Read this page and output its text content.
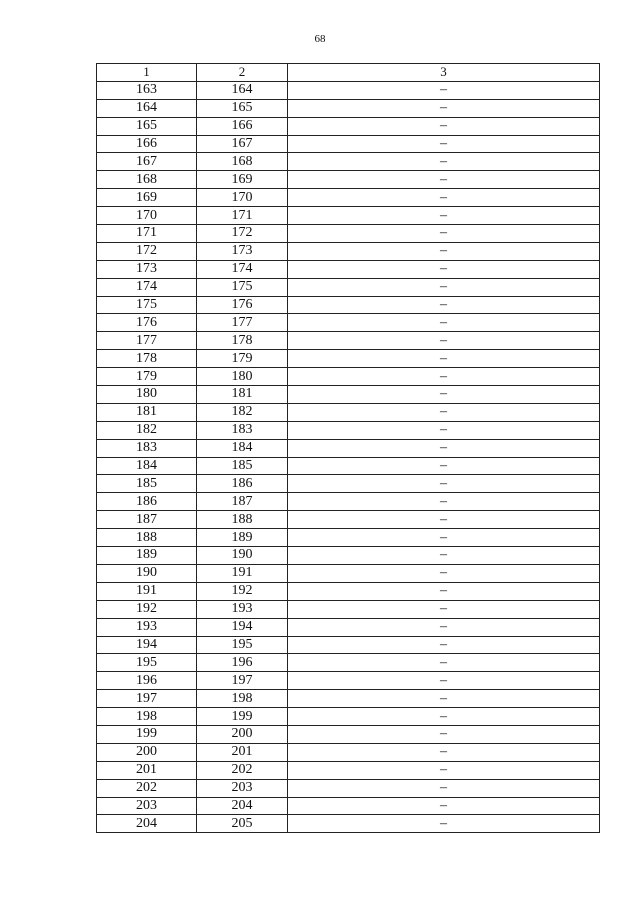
68
1	2	3
163	164	–
164	165	–
165	166	–
166	167	–
167	168	–
168	169	–
169	170	–
170	171	–
171	172	–
172	173	–
173	174	–
174	175	–
175	176	–
176	177	–
177	178	–
178	179	–
179	180	–
180	181	–
181	182	–
182	183	–
183	184	–
184	185	–
185	186	–
186	187	–
187	188	–
188	189	–
189	190	–
190	191	–
191	192	–
192	193	–
193	194	–
194	195	–
195	196	–
196	197	–
197	198	–
198	199	–
199	200	–
200	201	–
201	202	–
202	203	–
203	204	–
204	205	–
